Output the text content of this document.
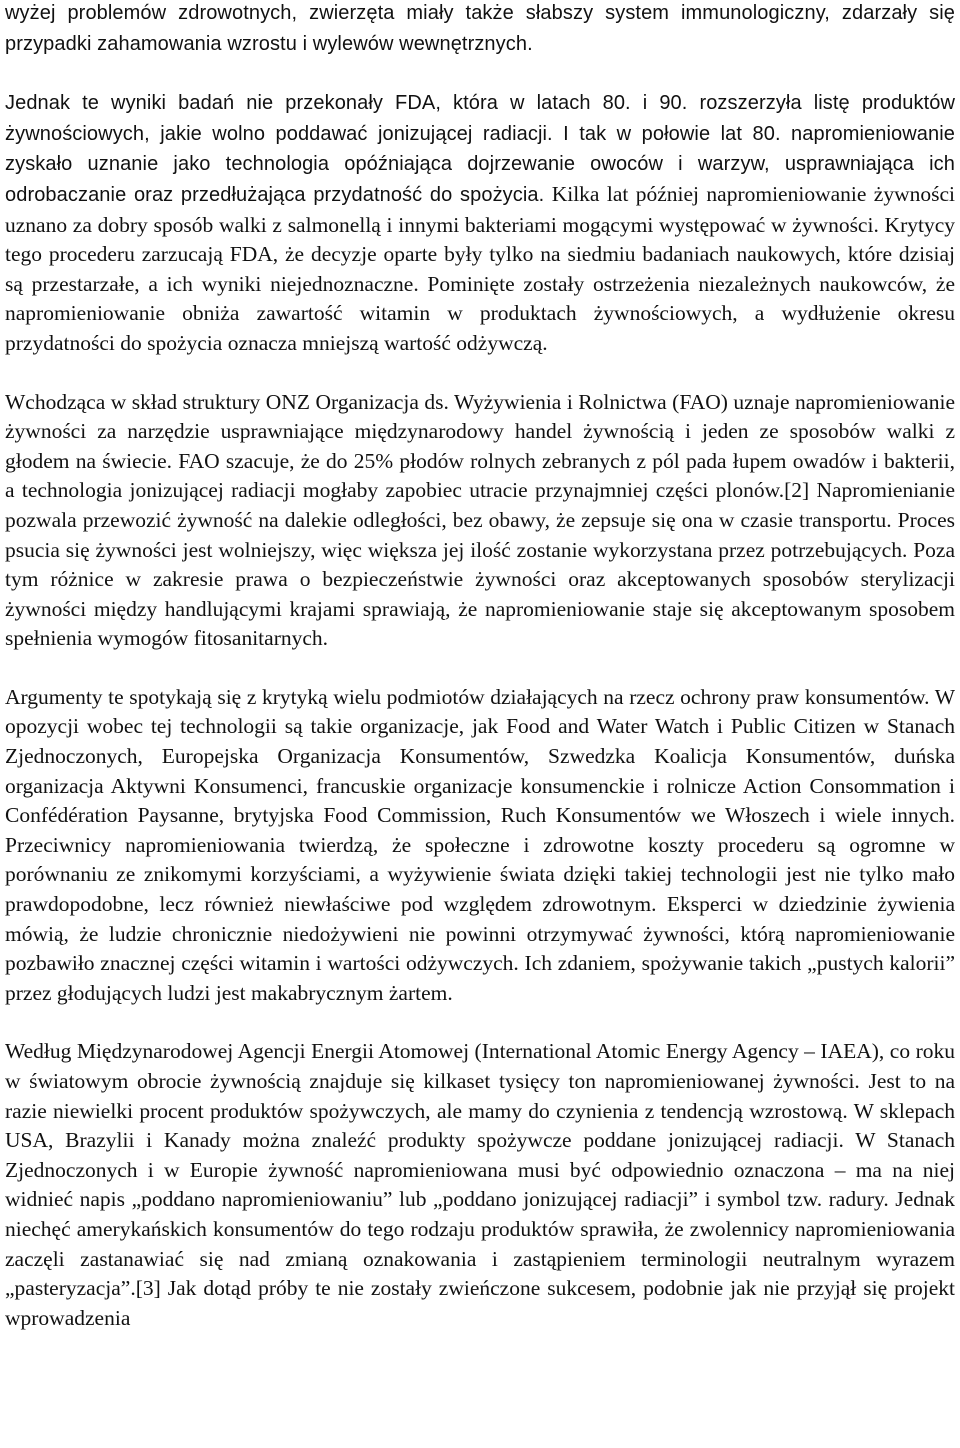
wyżej problemów zdrowotnych, zwierzęta miały także słabszy system immunologiczny, zdarzały się przypadki zahamowania wzrostu i wylewów wewnętrznych.

Jednak te wyniki badań nie przekonały FDA, która w latach 80. i 90. rozszerzyła listę produktów żywnościowych, jakie wolno poddawać jonizującej radiacji. I tak w połowie lat 80. napromieniowanie zyskało uznanie jako technologia opóźniająca dojrzewanie owoców i warzyw, usprawniająca ich odrobaczanie oraz przedłużająca przydatność do spożycia. Kilka lat później napromieniowanie żywności uznano za dobry sposób walki z salmonellą i innymi bakteriami mogącymi występować w żywności. Krytycy tego procederu zarzucają FDA, że decyzje oparte były tylko na siedmiu badaniach naukowych, które dzisiaj są przestarzałe, a ich wyniki niejednoznaczne. Pominięte zostały ostrzeżenia niezależnych naukowców, że napromieniowanie obniża zawartość witamin w produktach żywnościowych, a wydłużenie okresu przydatności do spożycia oznacza mniejszą wartość odżywczą.

Wchodząca w skład struktury ONZ Organizacja ds. Wyżywienia i Rolnictwa (FAO) uznaje napromieniowanie żywności za narzędzie usprawniające międzynarodowy handel żywnością i jeden ze sposobów walki z głodem na świecie. FAO szacuje, że do 25% płodów rolnych zebranych z pól pada łupem owadów i bakterii, a technologia jonizującej radiacji mogłaby zapobiec utracie przynajmniej części plonów.[2] Napromienianie pozwala przewozić żywność na dalekie odległości, bez obawy, że zepsuje się ona w czasie transportu. Proces psucia się żywności jest wolniejszy, więc większa jej ilość zostanie wykorzystana przez potrzebujących. Poza tym różnice w zakresie prawa o bezpieczeństwie żywności oraz akceptowanych sposobów sterylizacji żywności między handlującymi krajami sprawiają, że napromieniowanie staje się akceptowanym sposobem spełnienia wymogów fitosanitarnych.

Argumenty te spotykają się z krytyką wielu podmiotów działających na rzecz ochrony praw konsumentów. W opozycji wobec tej technologii są takie organizacje, jak Food and Water Watch i Public Citizen w Stanach Zjednoczonych, Europejska Organizacja Konsumentów, Szwedzka Koalicja Konsumentów, duńska organizacja Aktywni Konsumenci, francuskie organizacje konsumenckie i rolnicze Action Consommation i Confédération Paysanne, brytyjska Food Commission, Ruch Konsumentów we Włoszech i wiele innych. Przeciwnicy napromieniowania twierdzą, że społeczne i zdrowotne koszty procederu są ogromne w porównaniu ze znikomymi korzyściami, a wyżywienie świata dzięki takiej technologii jest nie tylko mało prawdopodobne, lecz również niewłaściwe pod względem zdrowotnym. Eksperci w dziedzinie żywienia mówią, że ludzie chronicznie niedożywieni nie powinni otrzymywać żywności, którą napromieniowanie pozbawiło znacznej części witamin i wartości odżywczych. Ich zdaniem, spożywanie takich „pustych kalorii” przez głodujących ludzi jest makabrycznym żartem.

Według Międzynarodowej Agencji Energii Atomowej (International Atomic Energy Agency – IAEA), co roku w światowym obrocie żywnością znajduje się kilkaset tysięcy ton napromieniowanej żywności. Jest to na razie niewielki procent produktów spożywczych, ale mamy do czynienia z tendencją wzrostową. W sklepach USA, Brazylii i Kanady można znaleźć produkty spożywcze poddane jonizującej radiacji. W Stanach Zjednoczonych i w Europie żywność napromieniowana musi być odpowiednio oznaczona – ma na niej widnieć napis „poddano napromieniowaniu” lub „poddano jonizującej radiacji” i symbol tzw. radury. Jednak niechęć amerykańskich konsumentów do tego rodzaju produktów sprawiła, że zwolennicy napromieniowania zaczęli zastanawiać się nad zmianą oznakowania i zastąpieniem terminologii neutralnym wyrazem „pasteryzacja”.[3] Jak dotąd próby te nie zostały zwieńczone sukcesem, podobnie jak nie przyjął się projekt wprowadzenia
